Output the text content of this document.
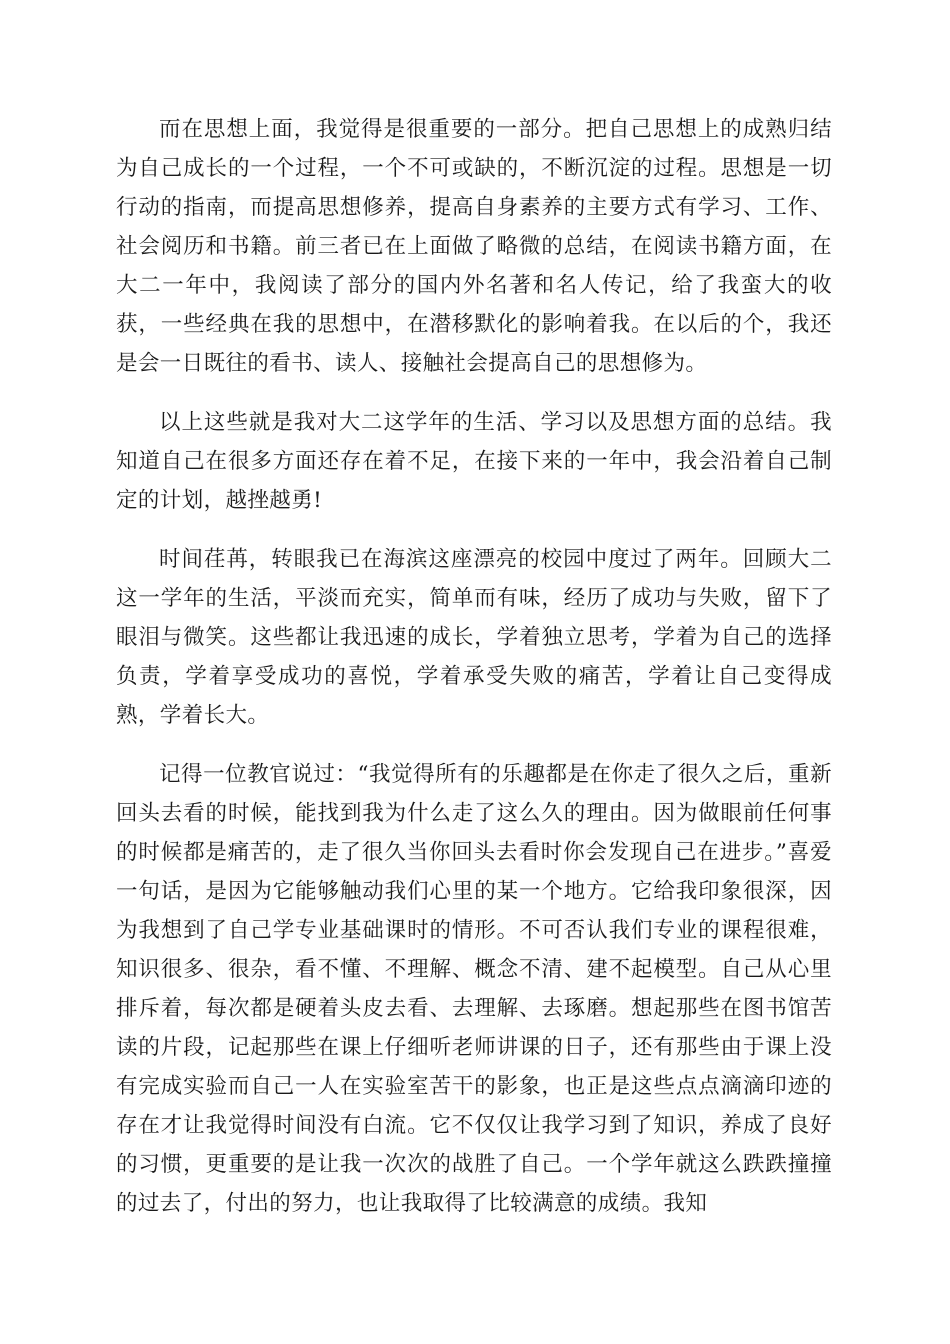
而在思想上面，我觉得是很重要的一部分。把自己思想上的成熟归结为自己成长的一个过程，一个不可或缺的，不断沉淀的过程。思想是一切行动的指南，而提高思想修养，提高自身素养的主要方式有学习、工作、社会阅历和书籍。前三者已在上面做了略微的总结，在阅读书籍方面，在大二一年中，我阅读了部分的国内外名著和名人传记，给了我蛮大的收获，一些经典在我的思想中，在潜移默化的影响着我。在以后的个，我还是会一日既往的看书、读人、接触社会提高自己的思想修为。

以上这些就是我对大二这学年的生活、学习以及思想方面的总结。我知道自己在很多方面还存在着不足，在接下来的一年中，我会沿着自己制定的计划，越挫越勇!

时间荏苒，转眼我已在海滨这座漂亮的校园中度过了两年。回顾大二这一学年的生活，平淡而充实，简单而有味，经历了成功与失败，留下了眼泪与微笑。这些都让我迅速的成长，学着独立思考，学着为自己的选择负责，学着享受成功的喜悦，学着承受失败的痛苦，学着让自己变得成熟，学着长大。

记得一位教官说过：“我觉得所有的乐趣都是在你走了很久之后，重新回头去看的时候，能找到我为什么走了这么久的理由。因为做眼前任何事的时候都是痛苦的，走了很久当你回头去看时你会发现自己在进步。”喜爱一句话，是因为它能够触动我们心里的某一个地方。它给我印象很深，因为我想到了自己学专业基础课时的情形。不可否认我们专业的课程很难，知识很多、很杂，看不懂、不理解、概念不清、建不起模型。自己从心里排斥着，每次都是硬着头皮去看、去理解、去琢磨。想起那些在图书馆苦读的片段，记起那些在课上仔细听老师讲课的日子，还有那些由于课上没有完成实验而自己一人在实验室苦干的影象，也正是这些点点滴滴印迹的存在才让我觉得时间没有白流。它不仅仅让我学习到了知识，养成了良好的习惯，更重要的是让我一次次的战胜了自己。一个学年就这么跌跌撞撞的过去了，付出的努力，也让我取得了比较满意的成绩。我知
